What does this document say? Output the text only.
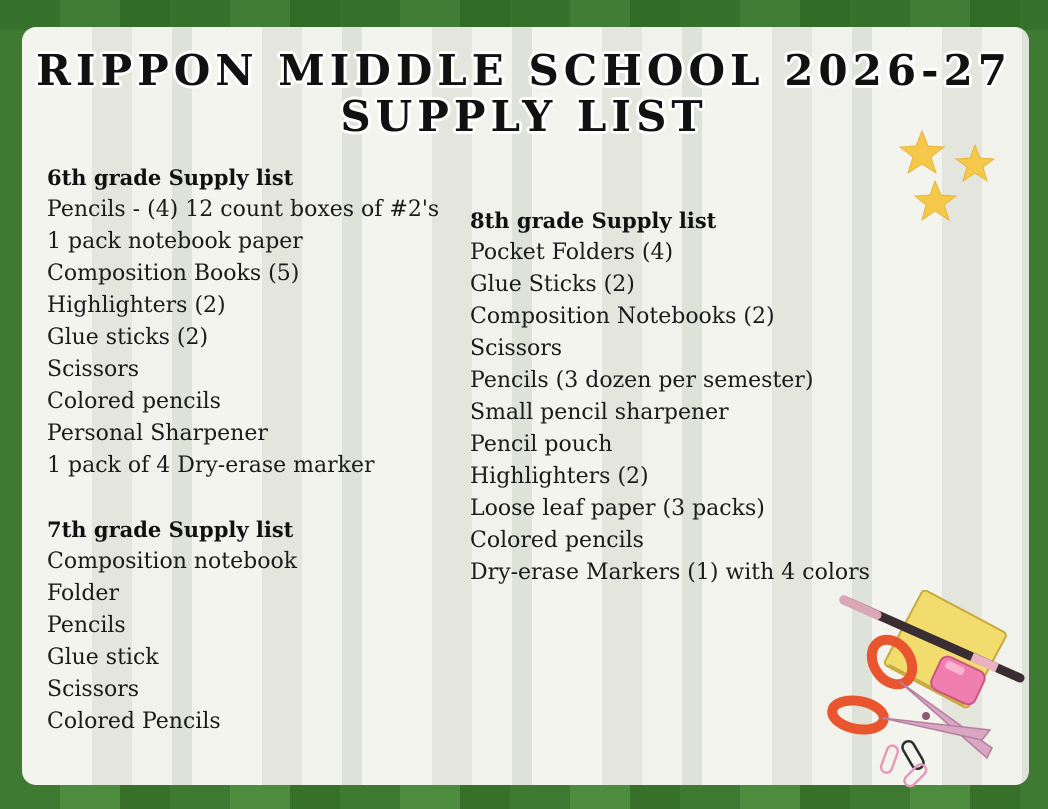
RIPPON MIDDLE SCHOOL 2026-27
SUPPLY LIST
6th grade Supply list
Pencils - (4) 12 count boxes of #2's
1 pack notebook paper
Composition Books (5)
Highlighters (2)
Glue sticks (2)
Scissors
Colored pencils
Personal Sharpener
1 pack of 4 Dry-erase marker
7th grade Supply list
Composition notebook
Folder
Pencils
Glue stick
Scissors
Colored Pencils
8th grade Supply list
Pocket Folders (4)
Glue Sticks (2)
Composition Notebooks (2)
Scissors
Pencils (3 dozen per semester)
Small pencil sharpener
Pencil pouch
Highlighters (2)
Loose leaf paper (3 packs)
Colored pencils
Dry-erase Markers (1) with 4 colors
